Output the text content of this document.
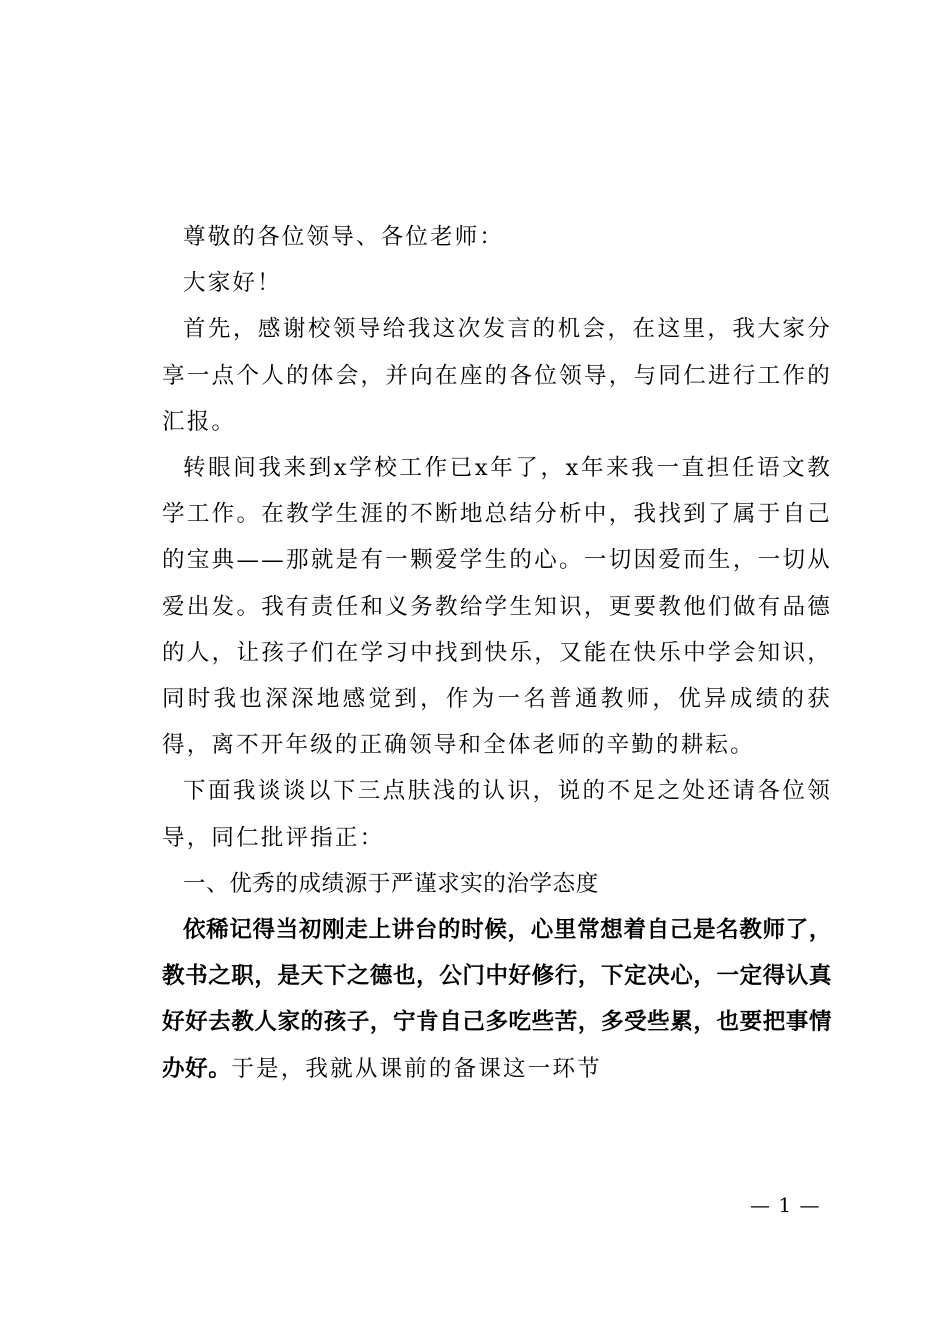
尊敬的各位领导、各位老师：

大家好！

首先，感谢校领导给我这次发言的机会，在这里，我大家分享一点个人的体会，并向在座的各位领导，与同仁进行工作的汇报。

转眼间我来到x学校工作已x年了，x年来我一直担任语文教学工作。在教学生涯的不断地总结分析中，我找到了属于自己的宝典——那就是有一颗爱学生的心。一切因爱而生，一切从爱出发。我有责任和义务教给学生知识，更要教他们做有品德的人，让孩子们在学习中找到快乐，又能在快乐中学会知识，同时我也深深地感觉到，作为一名普通教师，优异成绩的获得，离不开年级的正确领导和全体老师的辛勤的耕耘。

下面我谈谈以下三点肤浅的认识，说的不足之处还请各位领导，同仁批评指正：

一、优秀的成绩源于严谨求实的治学态度

依稀记得当初刚走上讲台的时候，心里常想着自己是名教师了，教书之职，是天下之德也，公门中好修行，下定决心，一定得认真好好去教人家的孩子，宁肯自己多吃些苦，多受些累，也要把事情办好。于是，我就从课前的备课这一环节

— 1 —
